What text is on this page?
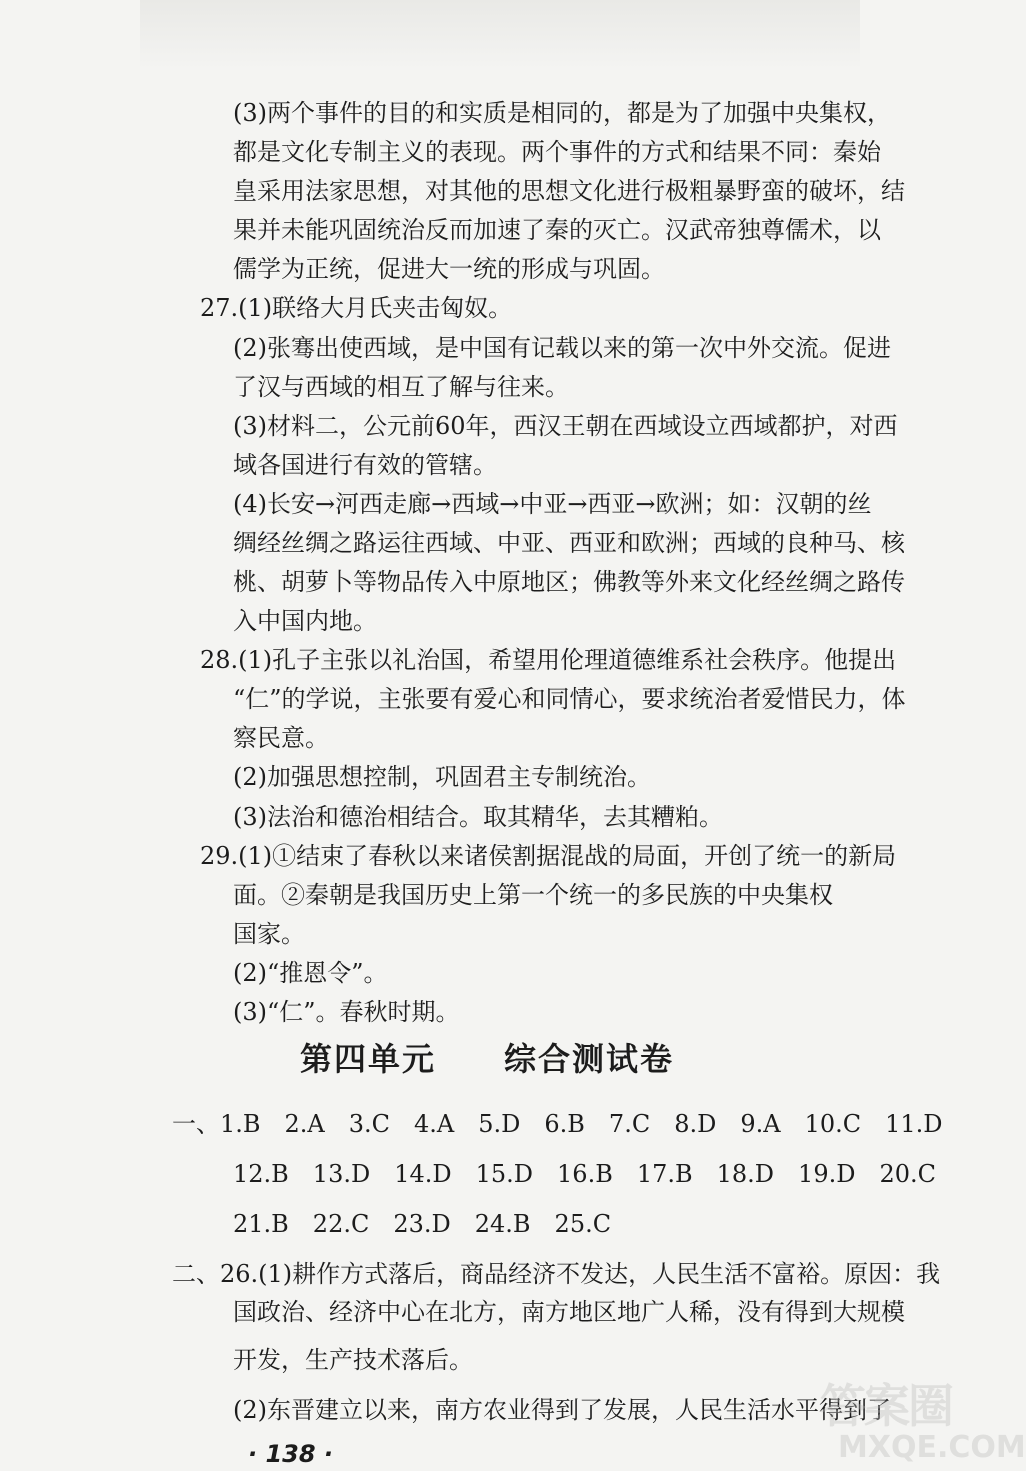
(3)两个事件的目的和实质是相同的，都是为了加强中央集权，
都是文化专制主义的表现。两个事件的方式和结果不同：秦始
皇采用法家思想，对其他的思想文化进行极粗暴野蛮的破坏，结
果并未能巩固统治反而加速了秦的灭亡。汉武帝独尊儒术，以
儒学为正统，促进大一统的形成与巩固。
27.(1)联络大月氏夹击匈奴。
(2)张骞出使西域，是中国有记载以来的第一次中外交流。促进
了汉与西域的相互了解与往来。
(3)材料二，公元前60年，西汉王朝在西域设立西域都护，对西
域各国进行有效的管辖。
(4)长安→河西走廊→西域→中亚→西亚→欧洲；如：汉朝的丝
绸经丝绸之路运往西域、中亚、西亚和欧洲；西域的良种马、核
桃、胡萝卜等物品传入中原地区；佛教等外来文化经丝绸之路传
入中国内地。
28.(1)孔子主张以礼治国，希望用伦理道德维系社会秩序。他提出
“仁”的学说，主张要有爱心和同情心，要求统治者爱惜民力，体
察民意。
(2)加强思想控制，巩固君主专制统治。
(3)法治和德治相结合。取其精华，去其糟粕。
29.(1)①结束了春秋以来诸侯割据混战的局面，开创了统一的新局
面。②秦朝是我国历史上第一个统一的多民族的中央集权
国家。
(2)“推恩令”。
(3)“仁”。春秋时期。
第四单元　　综合测试卷
一、1.B　2.A　3.C　4.A　5.D　6.B　7.C　8.D　9.A　10.C　11.D
12.B　13.D　14.D　15.D　16.B　17.B　18.D　19.D　20.C
21.B　22.C　23.D　24.B　25.C
二、26.(1)耕作方式落后，商品经济不发达，人民生活不富裕。原因：我
国政治、经济中心在北方，南方地区地广人稀，没有得到大规模
开发，生产技术落后。
(2)东晋建立以来，南方农业得到了发展，人民生活水平得到了
· 138 ·
答案圈
MXQE.COM
